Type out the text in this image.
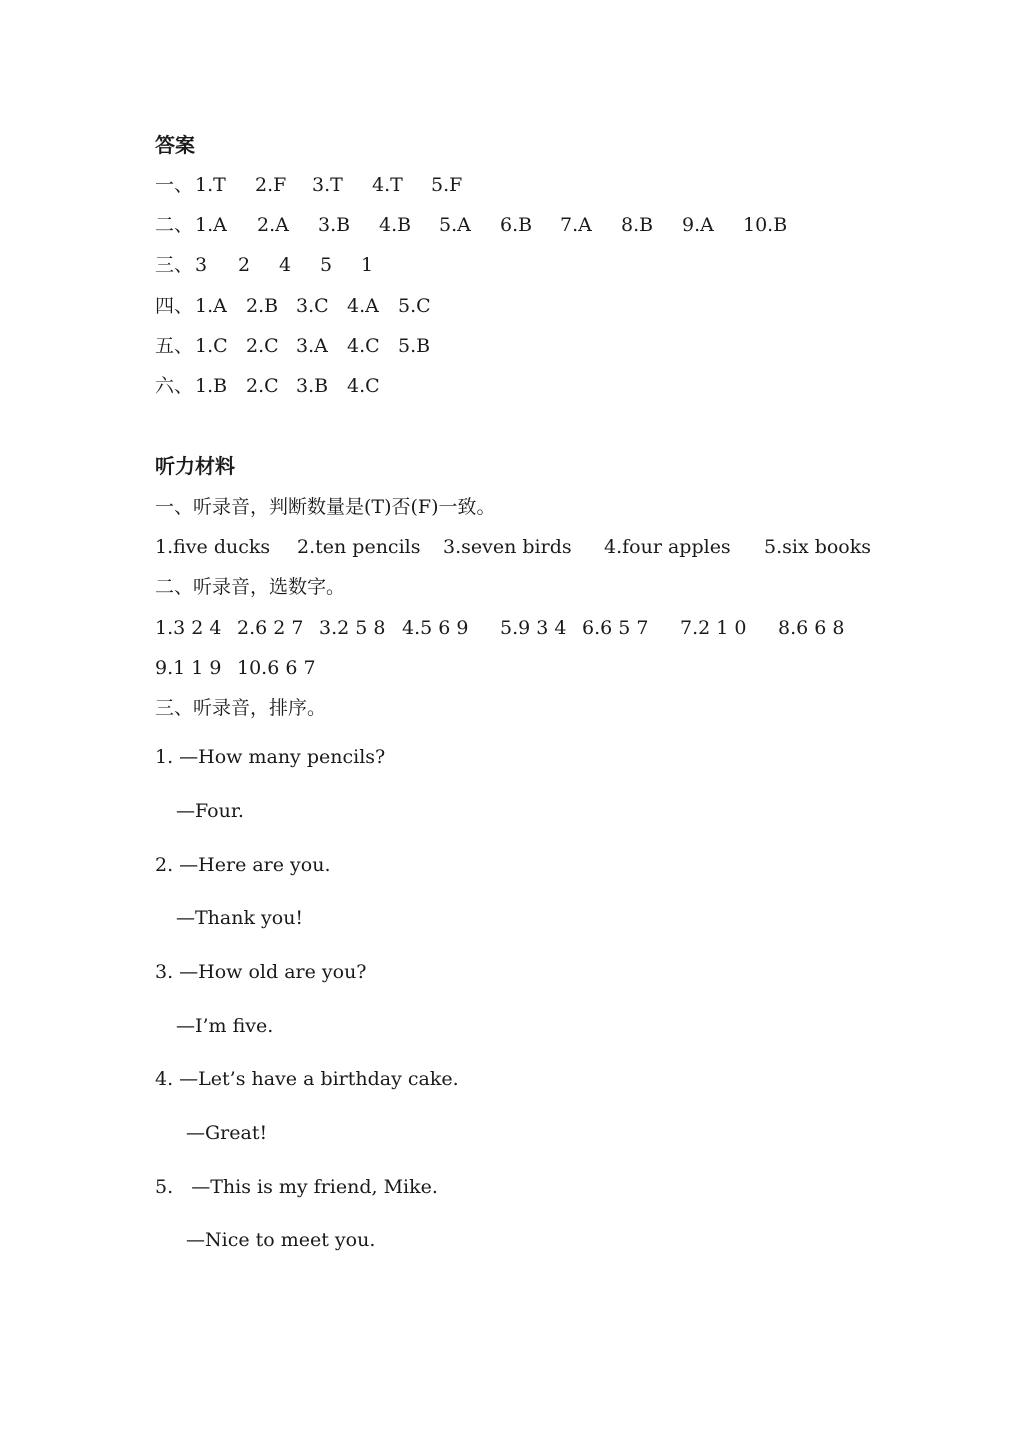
答案

一、

1.T

2.F

3.T

4.T

5.F

二、

1.A

2.A

3.B

4.B

5.A

6.B

7.A

8.B

9.A

10.B

三、

3

2

4

5

1

四、

1.A

2.B

3.C

4.A

5.C

五、

1.C

2.C

3.A

4.C

5.B

六、

1.B

2.C

3.B

4.C

听力材料
一、听录音，判断数量是(T)否(F)一致。

1.five ducks

2.ten pencils

3.seven birds

4.four apples

5.six books

二、听录音，选数字。

1.3 2 4

2.6 2 7

3.2 5 8

4.5 6 9

5.9 3 4

6.6 5 7

7.2 1 0

8.6 6 8

9.1 1 9

10.6 6 7

三、听录音，排序。
1. —How many pencils?
—Four.
2. —Here are you.
—Thank you!
3. —How old are you?
—I’m five.
4. —Let’s have a birthday cake.
—Great!
5.   —This is my friend, Mike.
—Nice to meet you.
